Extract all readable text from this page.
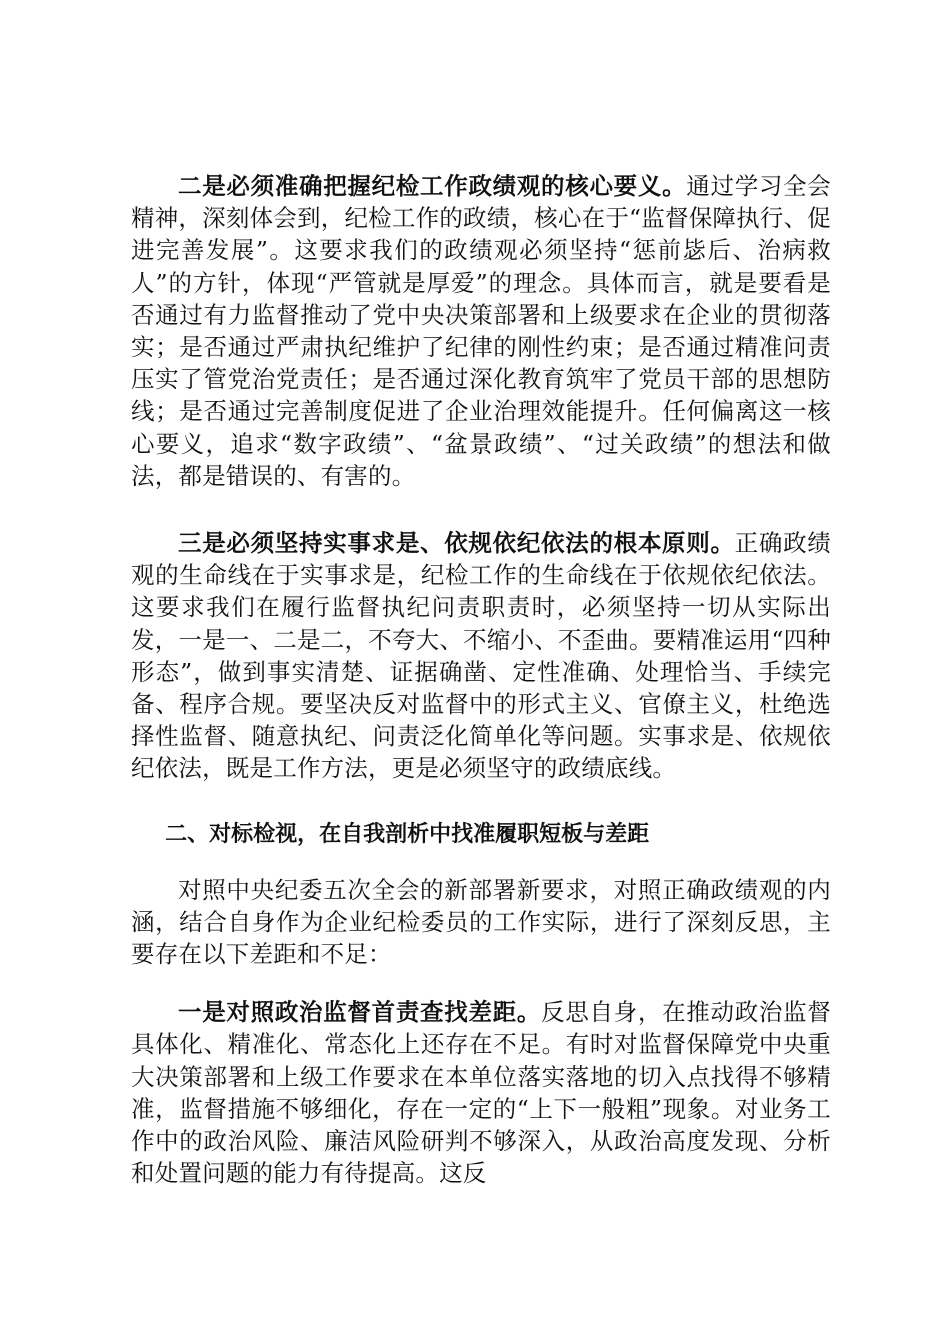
二是必须准确把握纪检工作政绩观的核心要义。通过学习全会精神，深刻体会到，纪检工作的政绩，核心在于“监督保障执行、促进完善发展”。这要求我们的政绩观必须坚持“惩前毖后、治病救人”的方针，体现“严管就是厚爱”的理念。具体而言，就是要看是否通过有力监督推动了党中央决策部署和上级要求在企业的贯彻落实；是否通过严肃执纪维护了纪律的刚性约束；是否通过精准问责压实了管党治党责任；是否通过深化教育筑牢了党员干部的思想防线；是否通过完善制度促进了企业治理效能提升。任何偏离这一核心要义，追求“数字政绩”、“盆景政绩”、“过关政绩”的想法和做法，都是错误的、有害的。

三是必须坚持实事求是、依规依纪依法的根本原则。正确政绩观的生命线在于实事求是，纪检工作的生命线在于依规依纪依法。这要求我们在履行监督执纪问责职责时，必须坚持一切从实际出发，一是一、二是二，不夸大、不缩小、不歪曲。要精准运用“四种形态”，做到事实清楚、证据确凿、定性准确、处理恰当、手续完备、程序合规。要坚决反对监督中的形式主义、官僚主义，杜绝选择性监督、随意执纪、问责泛化简单化等问题。实事求是、依规依纪依法，既是工作方法，更是必须坚守的政绩底线。

二、对标检视，在自我剖析中找准履职短板与差距

对照中央纪委五次全会的新部署新要求，对照正确政绩观的内涵，结合自身作为企业纪检委员的工作实际，进行了深刻反思，主要存在以下差距和不足：

一是对照政治监督首责查找差距。反思自身，在推动政治监督具体化、精准化、常态化上还存在不足。有时对监督保障党中央重大决策部署和上级工作要求在本单位落实落地的切入点找得不够精准，监督措施不够细化，存在一定的“上下一般粗”现象。对业务工作中的政治风险、廉洁风险研判不够深入，从政治高度发现、分析和处置问题的能力有待提高。这反
